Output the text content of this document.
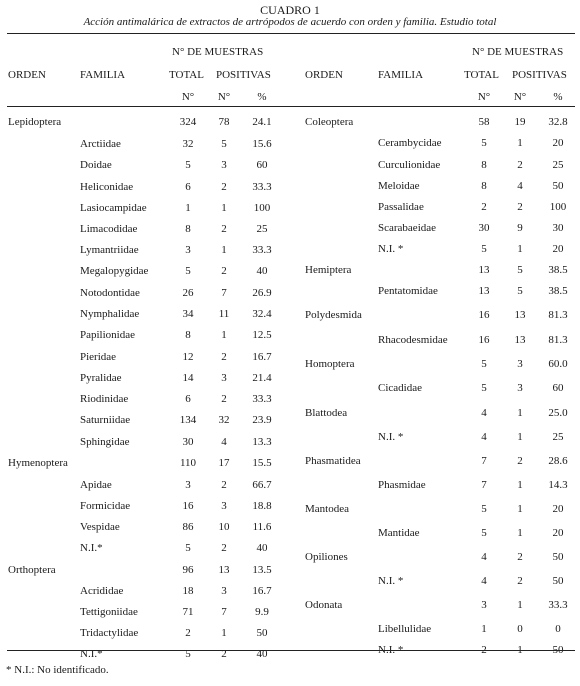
CUADRO 1
Acción antimalárica de extractos de artrópodos de acuerdo con orden y familia. Estudio total
N° DE MUESTRAS
ORDEN	FAMILIA	TOTAL POSITIVAS
N°	N°	%
N° DE MUESTRAS
ORDEN	FAMILIA	TOTAL POSITIVAS
N°	N°	%
Lepidoptera	324	78	24.1
Arctiidae	32	5	15.6
Doidae	5	3	60
Heliconidae	6	2	33.3
Lasiocampidae	1	1	100
Limacodidae	8	2	25
Lymantriidae	3	1	33.3
Megalopygidae	5	2	40
Notodontidae	26	7	26.9
Nymphalidae	34	11	32.4
Papilionidae	8	1	12.5
Pieridae	12	2	16.7
Pyralidae	14	3	21.4
Riodinidae	6	2	33.3
Saturniidae	134	32	23.9
Sphingidae	30	4	13.3
Hymenoptera	110	17	15.5
Apidae	3	2	66.7
Formicidae	16	3	18.8
Vespidae	86	10	11.6
N.I.*	5	2	40
Orthoptera	96	13	13.5
Acrididae	18	3	16.7
Tettigoniidae	71	7	9.9
Tridactylidae	2	1	50
N.I.*	5	2	40
Coleoptera	58	19	32.8
Cerambycidae	5	1	20
Curculionidae	8	2	25
Meloidae	8	4	50
Passalidae	2	2	100
Scarabaeidae	30	9	30
N.I. *	5	1	20
Hemiptera	13	5	38.5
Pentatomidae	13	5	38.5
Polydesmida	16	13	81.3
Rhacodesmidae	16	13	81.3
Homoptera	5	3	60.0
Cicadidae	5	3	60
Blattodea	4	1	25.0
N.I. *	4	1	25
Phasmatidea	7	2	28.6
Phasmidae	7	1	14.3
Mantodea	5	1	20
Mantidae	5	1	20
Opiliones	4	2	50
N.I. *	4	2	50
Odonata	3	1	33.3
Libellulidae	1	0	0
N.I. *	2	1	50
* N.I.: No identificado.
